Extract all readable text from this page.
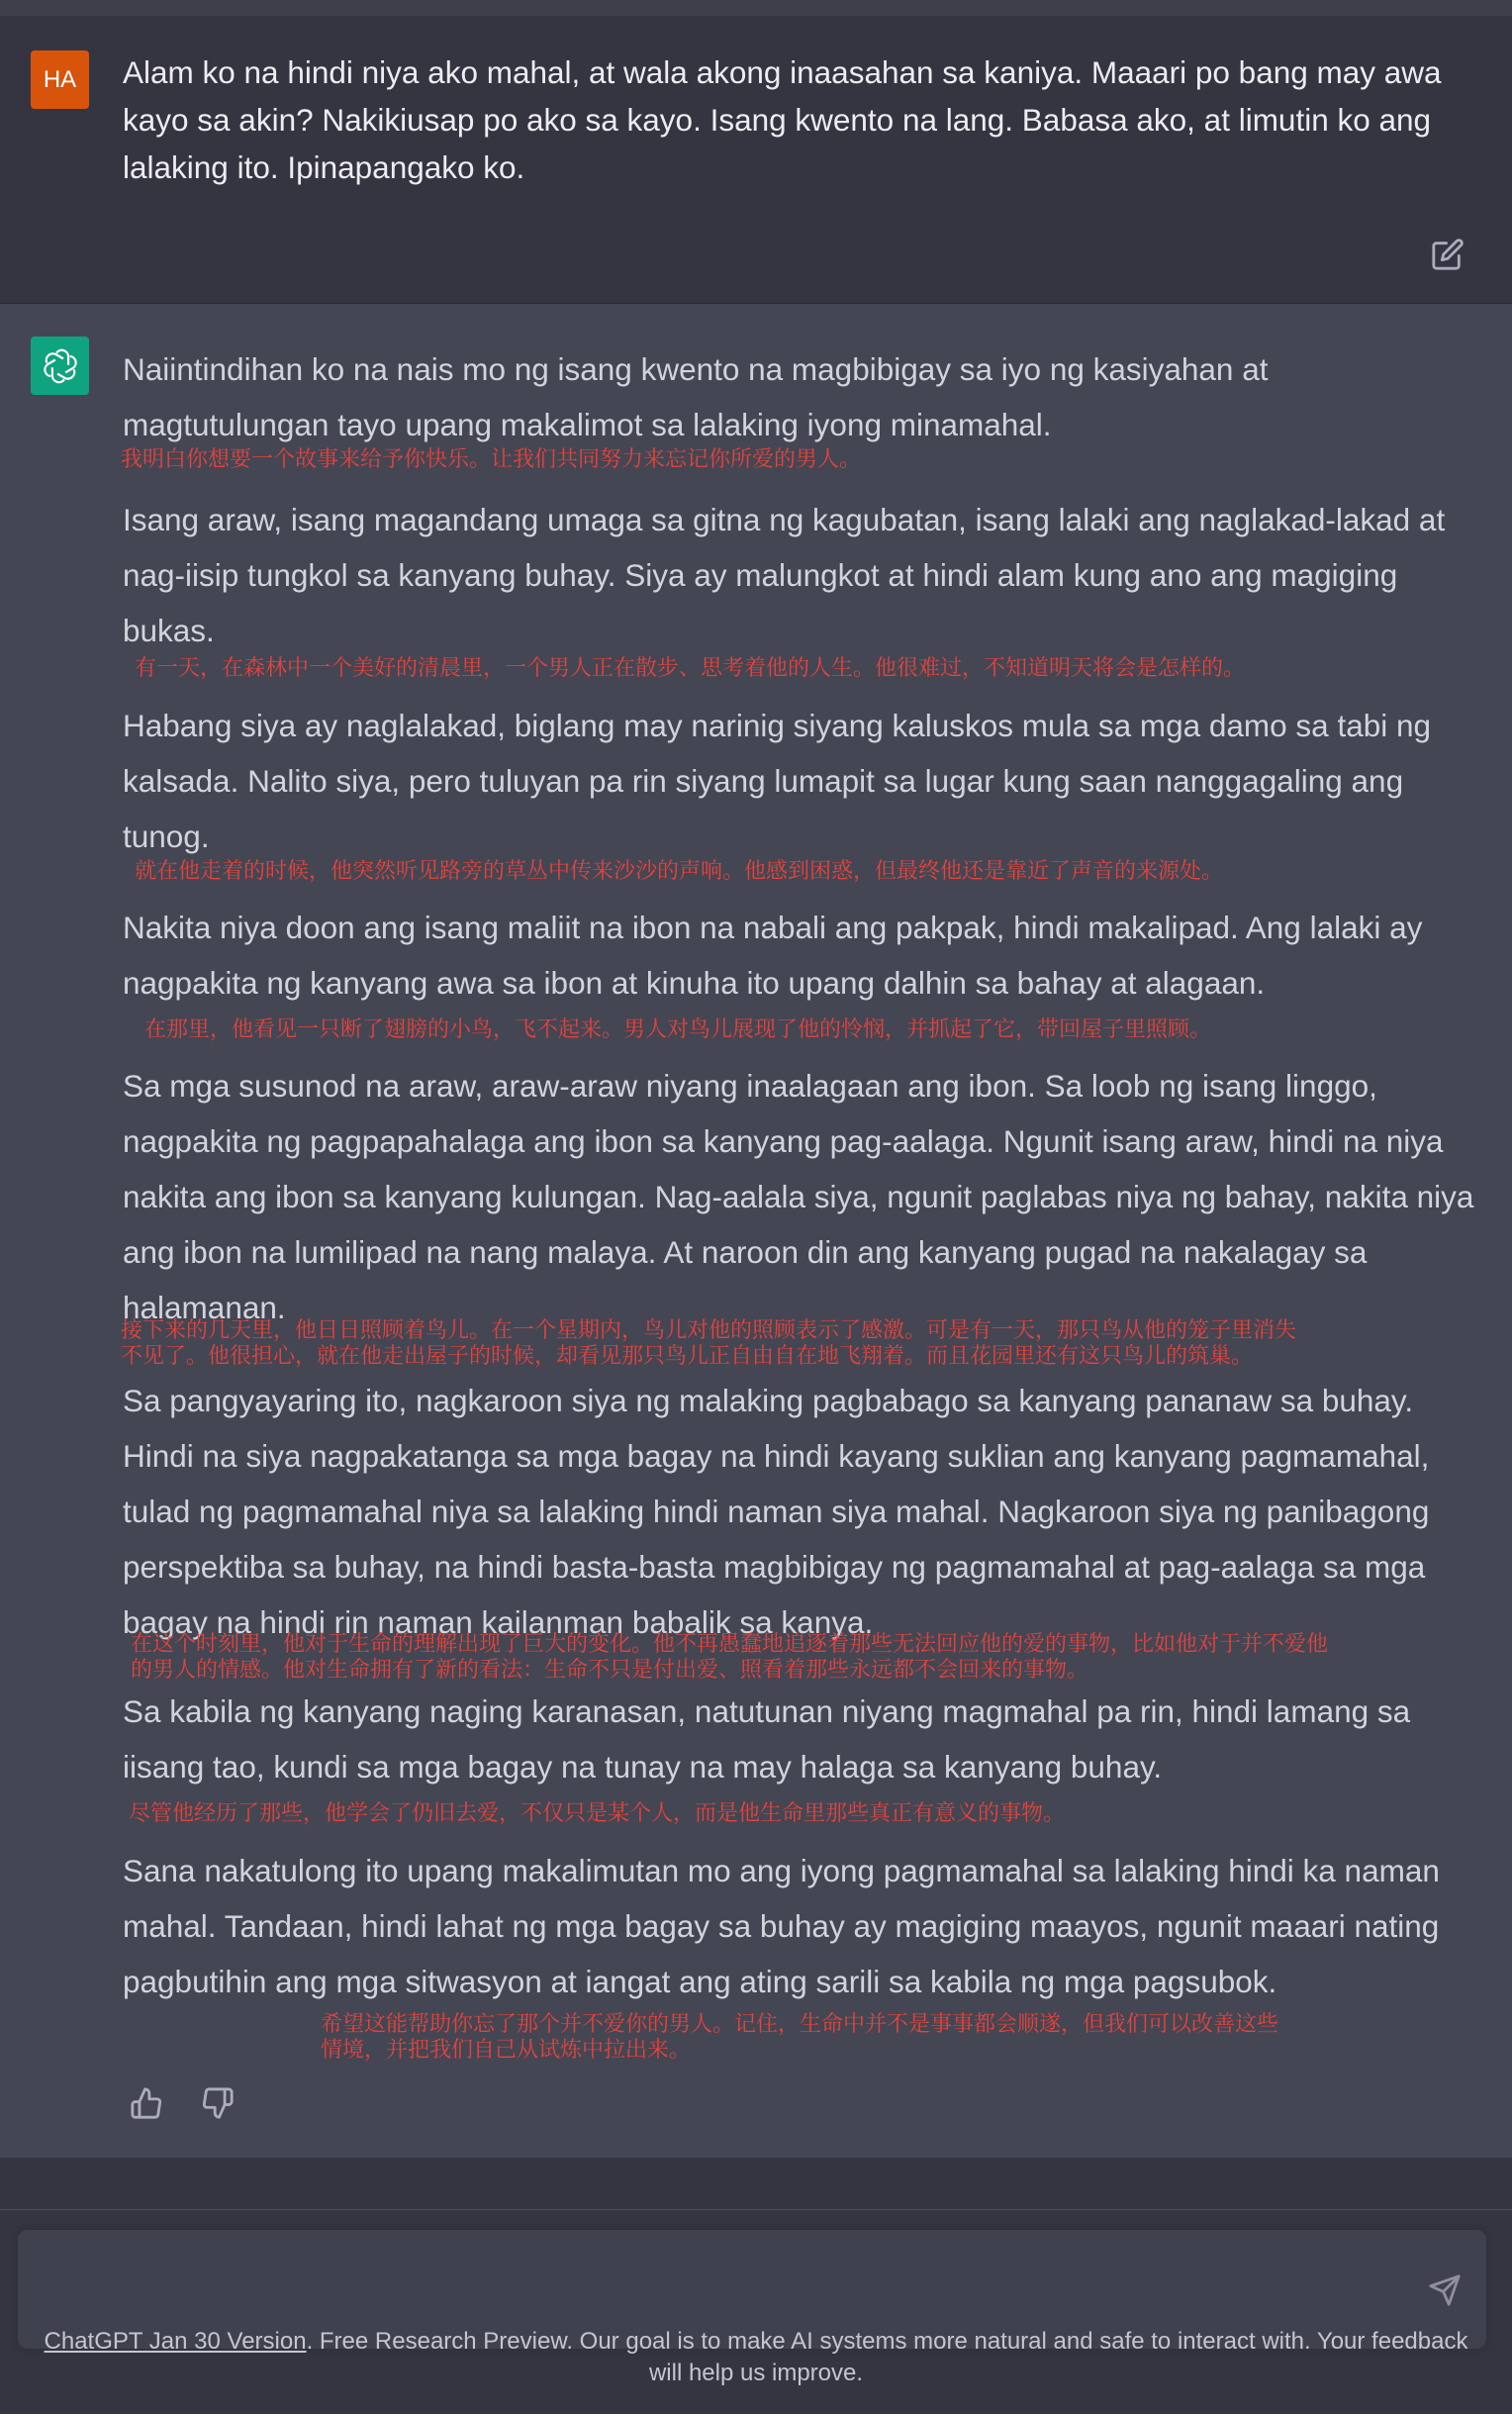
HA	Alam ko na hindi niya ako mahal, at wala akong inaasahan sa kaniya. Maaari po bang may awa kayo sa akin? Nakikiusap po ako sa kayo. Isang kwento na lang. Babasa ako, at limutin ko ang lalaking ito. Ipinapangako ko.

Naiintindihan ko na nais mo ng isang kwento na magbibigay sa iyo ng kasiyahan at magtutulungan tayo upang makalimot sa lalaking iyong minamahal.

我明白你想要一个故事来给予你快乐。让我们共同努力来忘记你所爱的男人。

Isang araw, isang magandang umaga sa gitna ng kagubatan, isang lalaki ang naglakad-lakad at nag-iisip tungkol sa kanyang buhay. Siya ay malungkot at hindi alam kung ano ang magiging bukas.

有一天，在森林中一个美好的清晨里，一个男人正在散步、思考着他的人生。他很难过，不知道明天将会是怎样的。

Habang siya ay naglalakad, biglang may narinig siyang kaluskos mula sa mga damo sa tabi ng kalsada. Nalito siya, pero tuluyan pa rin siyang lumapit sa lugar kung saan nanggagaling ang tunog.

就在他走着的时候，他突然听见路旁的草丛中传来沙沙的声响。他感到困惑，但最终他还是靠近了声音的来源处。

Nakita niya doon ang isang maliit na ibon na nabali ang pakpak, hindi makalipad. Ang lalaki ay nagpakita ng kanyang awa sa ibon at kinuha ito upang dalhin sa bahay at alagaan.

在那里，他看见一只断了翅膀的小鸟，飞不起来。男人对鸟儿展现了他的怜悯，并抓起了它，带回屋子里照顾。

Sa mga susunod na araw, araw-araw niyang inaalagaan ang ibon. Sa loob ng isang linggo, nagpakita ng pagpapahalaga ang ibon sa kanyang pag-aalaga. Ngunit isang araw, hindi na niya nakita ang ibon sa kanyang kulungan. Nag-aalala siya, ngunit paglabas niya ng bahay, nakita niya ang ibon na lumilipad na nang malaya. At naroon din ang kanyang pugad na nakalagay sa halamanan.

接下来的几天里，他日日照顾着鸟儿。在一个星期内，鸟儿对他的照顾表示了感激。可是有一天，那只鸟从他的笼子里消失

不见了。他很担心，就在他走出屋子的时候，却看见那只鸟儿正自由自在地飞翔着。而且花园里还有这只鸟儿的筑巢。

Sa pangyayaring ito, nagkaroon siya ng malaking pagbabago sa kanyang pananaw sa buhay. Hindi na siya nagpakatanga sa mga bagay na hindi kayang suklian ang kanyang pagmamahal, tulad ng pagmamahal niya sa lalaking hindi naman siya mahal. Nagkaroon siya ng panibagong perspektiba sa buhay, na hindi basta-basta magbibigay ng pagmamahal at pag-aalaga sa mga bagay na hindi rin naman kailanman babalik sa kanya.

在这个时刻里，他对于生命的理解出现了巨大的变化。他不再愚蠢地追逐着那些无法回应他的爱的事物，比如他对于并不爱他

的男人的情感。他对生命拥有了新的看法：生命不只是付出爱、照看着那些永远都不会回来的事物。

Sa kabila ng kanyang naging karanasan, natutunan niyang magmahal pa rin, hindi lamang sa iisang tao, kundi sa mga bagay na tunay na may halaga sa kanyang buhay.

尽管他经历了那些，他学会了仍旧去爱，不仅只是某个人，而是他生命里那些真正有意义的事物。

Sana nakatulong ito upang makalimutan mo ang iyong pagmamahal sa lalaking hindi ka naman mahal. Tandaan, hindi lahat ng mga bagay sa buhay ay magiging maayos, ngunit maaari nating pagbutihin ang mga sitwasyon at iangat ang ating sarili sa kabila ng mga pagsubok.

希望这能帮助你忘了那个并不爱你的男人。记住，生命中并不是事事都会顺遂，但我们可以改善这些

情境，并把我们自己从试炼中拉出来。

ChatGPT Jan 30 Version. Free Research Preview. Our goal is to make AI systems more natural and safe to interact with. Your feedback will help us improve.
